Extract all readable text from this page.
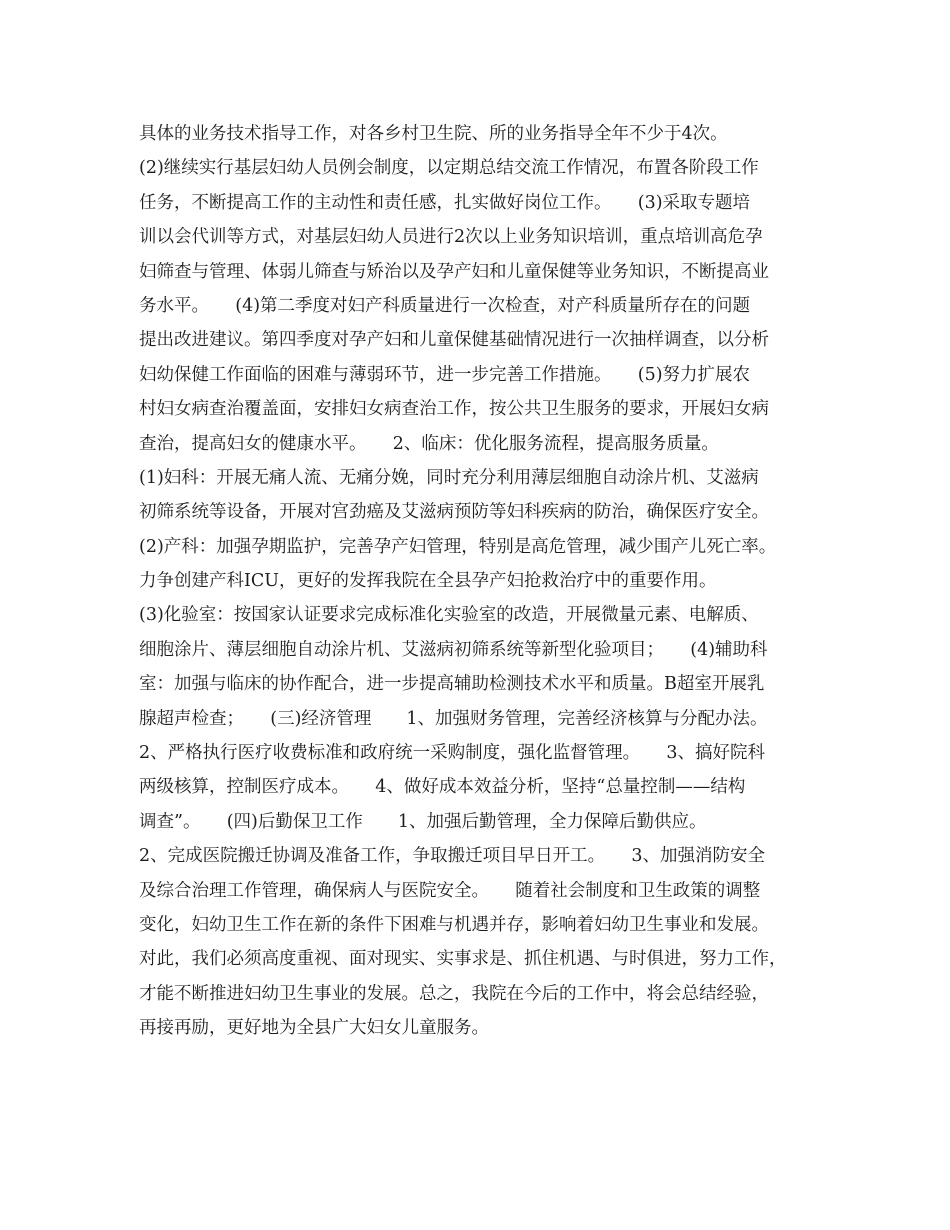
具体的业务技术指导工作，对各乡村卫生院、所的业务指导全年不少于4次。
(2)继续实行基层妇幼人员例会制度，以定期总结交流工作情况，布置各阶段工作
任务，不断提高工作的主动性和责任感，扎实做好岗位工作。　　(3)采取专题培
训以会代训等方式，对基层妇幼人员进行2次以上业务知识培训，重点培训高危孕
妇筛查与管理、体弱儿筛查与矫治以及孕产妇和儿童保健等业务知识，不断提高业
务水平。　　(4)第二季度对妇产科质量进行一次检查，对产科质量所存在的问题
提出改进建议。第四季度对孕产妇和儿童保健基础情况进行一次抽样调查，以分析
妇幼保健工作面临的困难与薄弱环节，进一步完善工作措施。　　(5)努力扩展农
村妇女病查治覆盖面，安排妇女病查治工作，按公共卫生服务的要求，开展妇女病
查治，提高妇女的健康水平。　　2、临床：优化服务流程，提高服务质量。
(1)妇科：开展无痛人流、无痛分娩，同时充分利用薄层细胞自动涂片机、艾滋病
初筛系统等设备，开展对宫劲癌及艾滋病预防等妇科疾病的防治，确保医疗安全。
(2)产科：加强孕期监护，完善孕产妇管理，特别是高危管理，减少围产儿死亡率。
力争创建产科ICU，更好的发挥我院在全县孕产妇抢救治疗中的重要作用。
(3)化验室：按国家认证要求完成标准化实验室的改造，开展微量元素、电解质、
细胞涂片、薄层细胞自动涂片机、艾滋病初筛系统等新型化验项目；　　(4)辅助科
室：加强与临床的协作配合，进一步提高辅助检测技术水平和质量。B超室开展乳
腺超声检查；　　(三)经济管理　　1、加强财务管理，完善经济核算与分配办法。
2、严格执行医疗收费标准和政府统一采购制度，强化监督管理。　　3、搞好院科
两级核算，控制医疗成本。　　4、做好成本效益分析，坚持“总量控制——结构
调查”。　　(四)后勤保卫工作　　1、加强后勤管理，全力保障后勤供应。
2、完成医院搬迁协调及准备工作，争取搬迁项目早日开工。　　3、加强消防安全
及综合治理工作管理，确保病人与医院安全。　　随着社会制度和卫生政策的调整
变化，妇幼卫生工作在新的条件下困难与机遇并存，影响着妇幼卫生事业和发展。
对此，我们必须高度重视、面对现实、实事求是、抓住机遇、与时俱进，努力工作，
才能不断推进妇幼卫生事业的发展。总之，我院在今后的工作中，将会总结经验，
再接再励，更好地为全县广大妇女儿童服务。
